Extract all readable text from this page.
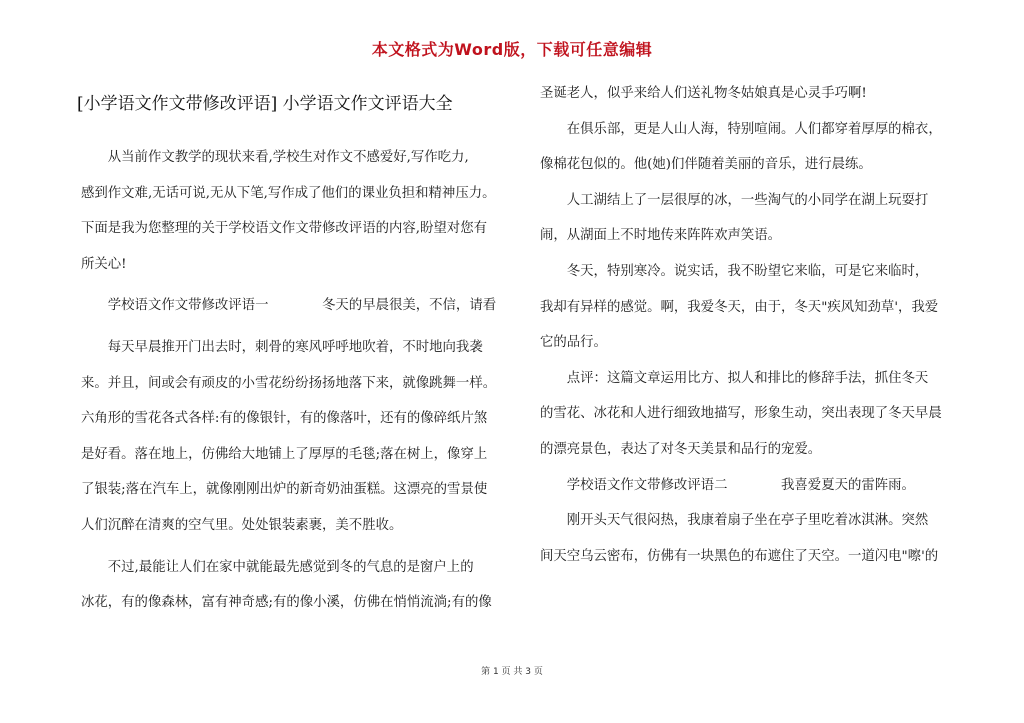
本文格式为Word版，下载可任意编辑
[小学语文作文带修改评语] 小学语文作文评语大全
　　从当前作文教学的现状来看,学校生对作文不感爱好,写作吃力,
感到作文难,无话可说,无从下笔,写作成了他们的课业负担和精神压力。
下面是我为您整理的关于学校语文作文带修改评语的内容,盼望对您有
所关心!
　　学校语文作文带修改评语一　　　　冬天的早晨很美，不信，请看
　　每天早晨推开门出去时，刺骨的寒风呼呼地吹着，不时地向我袭
来。并且，间或会有顽皮的小雪花纷纷扬扬地落下来，就像跳舞一样。
六角形的雪花各式各样:有的像银针，有的像落叶，还有的像碎纸片煞
是好看。落在地上，仿佛给大地铺上了厚厚的毛毯;落在树上，像穿上
了银装;落在汽车上，就像刚刚出炉的新奇奶油蛋糕。这漂亮的雪景使
人们沉醉在清爽的空气里。处处银装素裹，美不胜收。
　　不过,最能让人们在家中就能最先感觉到冬的气息的是窗户上的
冰花，有的像森林，富有神奇感;有的像小溪，仿佛在悄悄流淌;有的像
圣诞老人，似乎来给人们送礼物冬姑娘真是心灵手巧啊!
　　在俱乐部，更是人山人海，特别喧闹。人们都穿着厚厚的棉衣，
像棉花包似的。他(她)们伴随着美丽的音乐，进行晨练。
　　人工湖结上了一层很厚的冰，一些淘气的小同学在湖上玩耍打
闹，从湖面上不时地传来阵阵欢声笑语。
　　冬天，特别寒冷。说实话，我不盼望它来临，可是它来临时，
我却有异样的感觉。啊，我爱冬天，由于，冬天"疾风知劲草'，我爱
它的品行。
　　点评：这篇文章运用比方、拟人和排比的修辞手法，抓住冬天
的雪花、冰花和人进行细致地描写，形象生动，突出表现了冬天早晨
的漂亮景色，表达了对冬天美景和品行的宠爱。
　　学校语文作文带修改评语二　　　　我喜爱夏天的雷阵雨。
　　刚开头天气很闷热，我康着扇子坐在亭子里吃着冰淇淋。突然
间天空乌云密布，仿佛有一块黑色的布遮住了天空。一道闪电"嚓'的
第 1 页 共 3 页
